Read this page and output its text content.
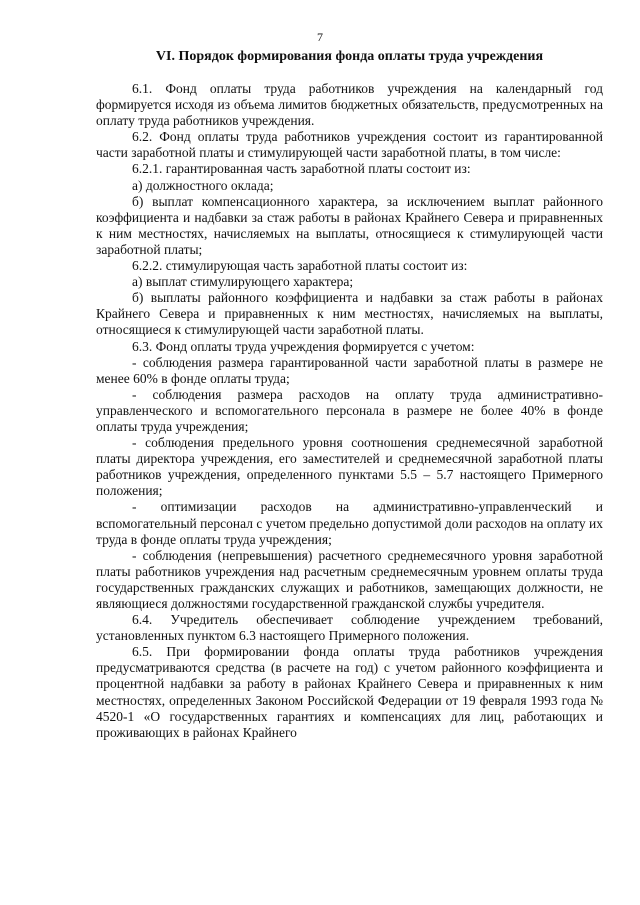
7
VI. Порядок формирования фонда оплаты труда учреждения

6.1. Фонд оплаты труда работников учреждения на календарный год формируется исходя из объема лимитов бюджетных обязательств, предусмотренных на оплату труда работников учреждения.

6.2. Фонд оплаты труда работников учреждения состоит из гарантированной части заработной платы и стимулирующей части заработной платы, в том числе:

6.2.1. гарантированная часть заработной платы состоит из:

а) должностного оклада;

б) выплат компенсационного характера, за исключением выплат районного коэффициента и надбавки за стаж работы в районах Крайнего Севера и приравненных к ним местностях, начисляемых на выплаты, относящиеся к стимулирующей части заработной платы;

6.2.2. стимулирующая часть заработной платы состоит из:

а) выплат стимулирующего характера;

б) выплаты районного коэффициента и надбавки за стаж работы в районах Крайнего Севера и приравненных к ним местностях, начисляемых на выплаты, относящиеся к стимулирующей части заработной платы.

6.3. Фонд оплаты труда учреждения формируется с учетом:

- соблюдения размера гарантированной части заработной платы в размере не менее 60% в фонде оплаты труда;

- соблюдения размера расходов на оплату труда административно-управленческого и вспомогательного персонала в размере не более 40% в фонде оплаты труда учреждения;

- соблюдения предельного уровня соотношения среднемесячной заработной платы директора учреждения, его заместителей и среднемесячной заработной платы работников учреждения, определенного пунктами 5.5 – 5.7 настоящего Примерного положения;

- оптимизации расходов на административно-управленческий и вспомогательный персонал с учетом предельно допустимой доли расходов на оплату их труда в фонде оплаты труда учреждения;

- соблюдения (непревышения) расчетного среднемесячного уровня заработной платы работников учреждения над расчетным среднемесячным уровнем оплаты труда государственных гражданских служащих и работников, замещающих должности, не являющиеся должностями государственной гражданской службы учредителя.

6.4. Учредитель обеспечивает соблюдение учреждением требований, установленных пунктом 6.3 настоящего Примерного положения.

6.5. При формировании фонда оплаты труда работников учреждения предусматриваются средства (в расчете на год) с учетом районного коэффициента и процентной надбавки за работу в районах Крайнего Севера и приравненных к ним местностях, определенных Законом Российской Федерации от 19 февраля 1993 года № 4520-1 «О государственных гарантиях и компенсациях для лиц, работающих и проживающих в районах Крайнего
